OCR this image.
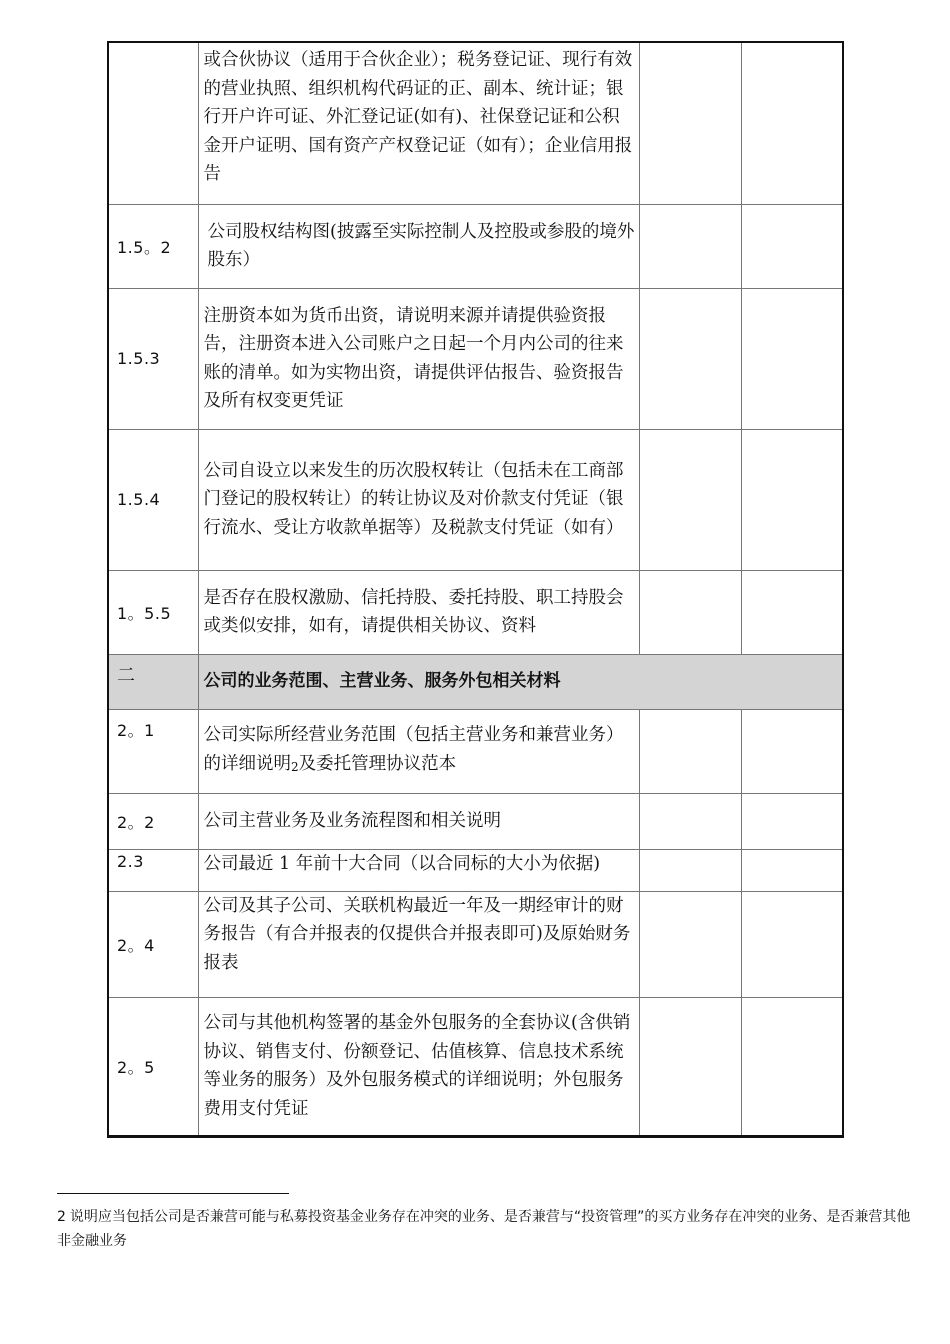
	或合伙协议（适用于合伙企业）；税务登记证、现行有效的营业执照、组织机构代码证的正、副本、统计证；银行开户许可证、外汇登记证(如有)、社保登记证和公积金开户证明、国有资产产权登记证（如有）；企业信用报告		
1.5。2	公司股权结构图(披露至实际控制人及控股或参股的境外股东）		
1.5.3	注册资本如为货币出资，请说明来源并请提供验资报告，注册资本进入公司账户之日起一个月内公司的往来账的清单。如为实物出资，请提供评估报告、验资报告及所有权变更凭证		
1.5.4	公司自设立以来发生的历次股权转让（包括未在工商部门登记的股权转让）的转让协议及对价款支付凭证（银行流水、受让方收款单据等）及税款支付凭证（如有）		
1。5.5	是否存在股权激励、信托持股、委托持股、职工持股会或类似安排，如有，请提供相关协议、资料		
二	公司的业务范围、主营业务、服务外包相关材料		
2。1	公司实际所经营业务范围（包括主营业务和兼营业务）的详细说明$^2$及委托管理协议范本		
2。2	公司主营业务及业务流程图和相关说明		
2.3	公司最近 1 年前十大合同（以合同标的大小为依据)		
2。4	公司及其子公司、关联机构最近一年及一期经审计的财务报告（有合并报表的仅提供合并报表即可)及原始财务报表		
2。5	公司与其他机构签署的基金外包服务的全套协议(含供销协议、销售支付、份额登记、估值核算、信息技术系统等业务的服务）及外包服务模式的详细说明；外包服务费用支付凭证		
2 说明应当包括公司是否兼营可能与私募投资基金业务存在冲突的业务、是否兼营与“投资管理”的买方业务存在冲突的业务、是否兼营其他非金融业务
